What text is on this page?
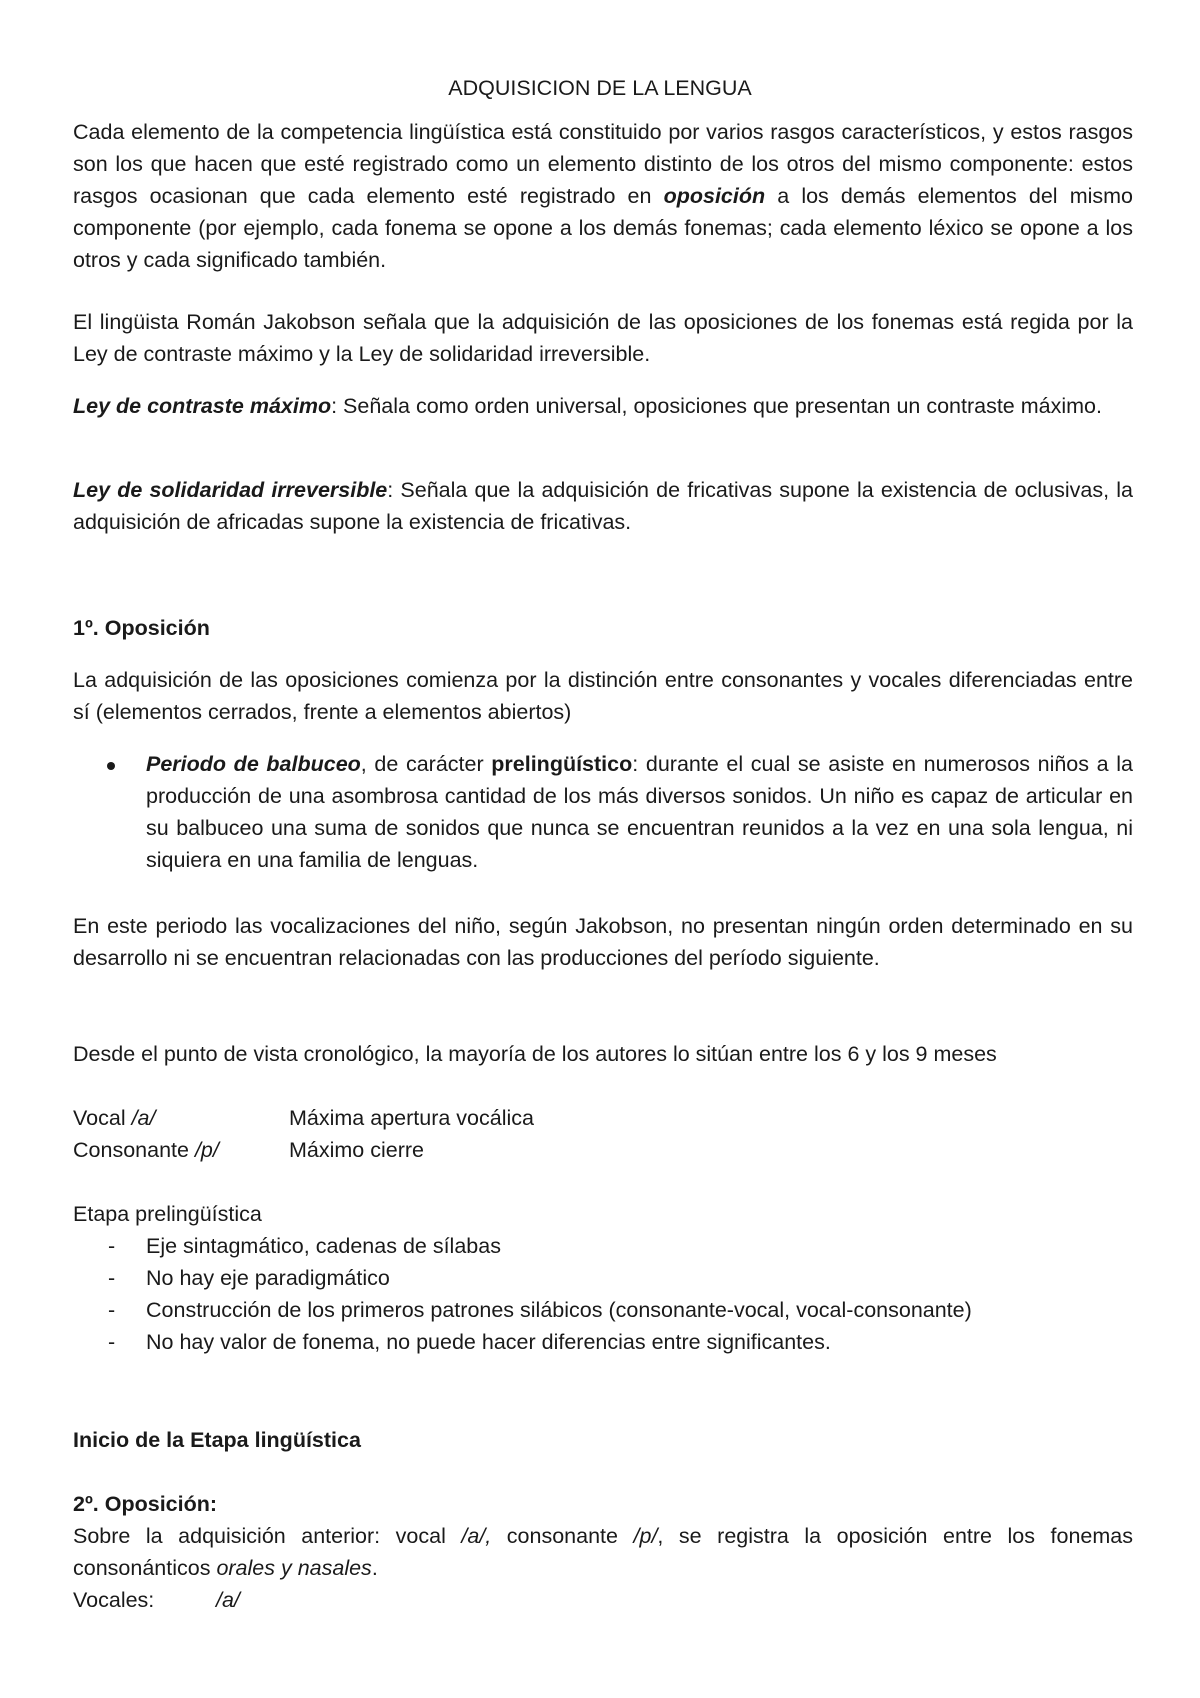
ADQUISICION DE LA LENGUA

Cada elemento de la competencia lingüística está constituido por varios rasgos característicos, y estos rasgos son los que hacen que esté registrado como un elemento distinto de los otros del mismo componente: estos rasgos ocasionan que cada elemento esté registrado en oposición a los demás elementos del mismo componente (por ejemplo, cada fonema se opone a los demás fonemas; cada elemento léxico se opone a los otros y cada significado también.

El lingüista Román Jakobson señala que la adquisición de las oposiciones de los fonemas está regida por la Ley de contraste máximo y la Ley de solidaridad irreversible.

Ley de contraste máximo: Señala como orden universal, oposiciones que presentan un contraste máximo.

Ley de solidaridad irreversible: Señala que la adquisición de fricativas supone la existencia de oclusivas, la adquisición de africadas supone la existencia de fricativas.

1º. Oposición

La adquisición de las oposiciones comienza por la distinción entre consonantes y vocales diferenciadas entre sí (elementos cerrados, frente a elementos abiertos)

Periodo de balbuceo, de carácter prelingüístico: durante el cual se asiste en numerosos niños a la producción de una asombrosa cantidad de los más diversos sonidos. Un niño es capaz de articular en su balbuceo una suma de sonidos que nunca se encuentran reunidos a la vez en una sola lengua, ni siquiera en una familia de lenguas.

En este periodo las vocalizaciones del niño, según Jakobson, no presentan ningún orden determinado en su desarrollo ni se encuentran relacionadas con las producciones del período siguiente.

Desde el punto de vista cronológico, la mayoría de los autores lo sitúan entre los 6 y los 9 meses

Vocal /a/	Máxima apertura vocálica
Consonante /p/	Máximo cierre
Etapa prelingüística
- Eje sintagmático, cadenas de sílabas
- No hay eje paradigmático
- Construcción de los primeros patrones silábicos (consonante-vocal, vocal-consonante)
- No hay valor de fonema, no puede hacer diferencias entre significantes.

Inicio de la Etapa lingüística

2º. Oposición:

Sobre la adquisición anterior: vocal /a/, consonante /p/, se registra la oposición entre los fonemas consonánticos orales y nasales.

Vocales:	/a/
